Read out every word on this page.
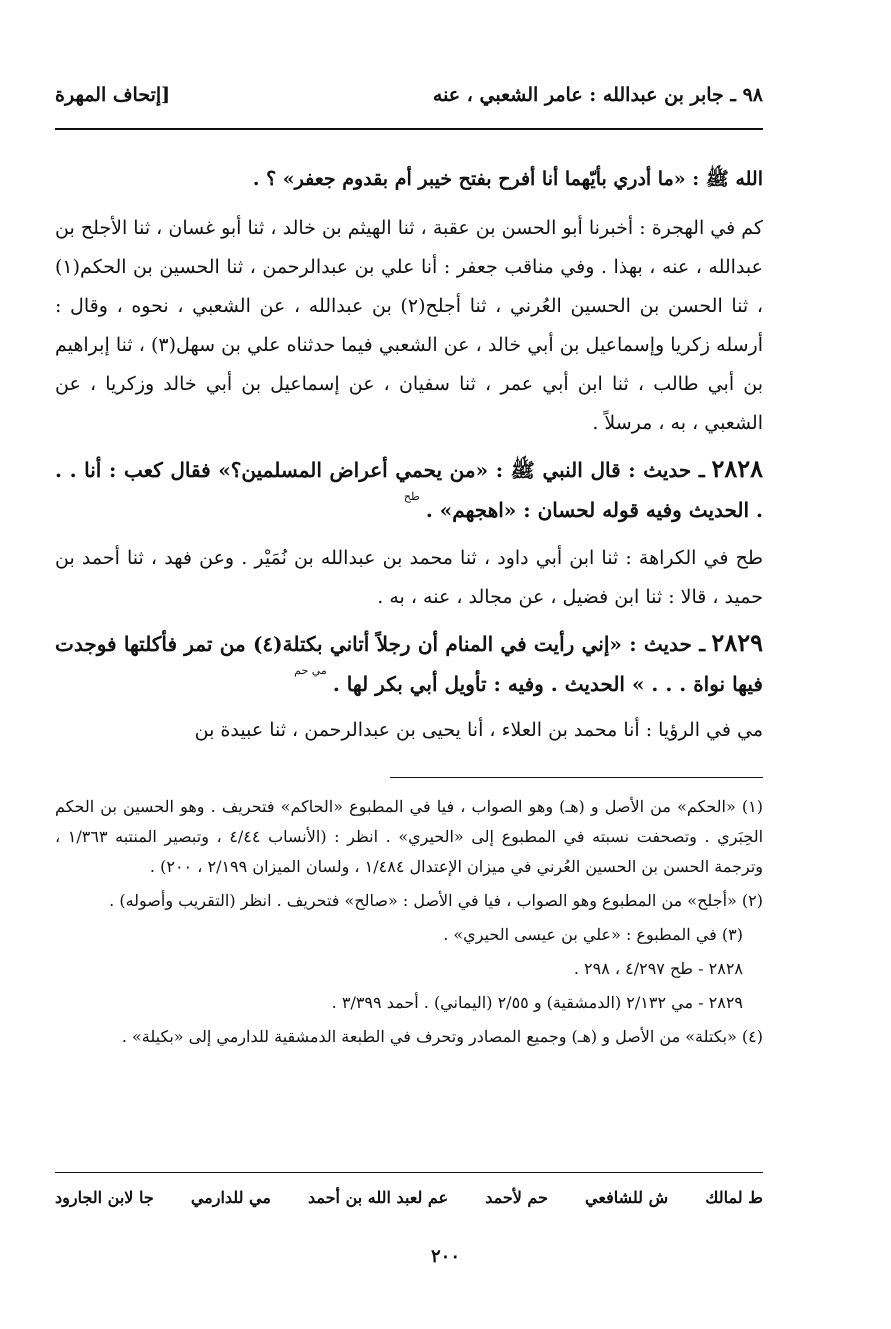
٩٨ ـ جابر بن عبدالله : عامر الشعبي ، عنه
[إتحاف المهرة

الله ﷺ : «ما أدري بأيّهما أنا أفرح بفتح خيبر أم بقدوم جعفر» ؟ .

كم في الهجرة : أخبرنا أبو الحسن بن عقبة ، ثنا الهيثم بن خالد ، ثنا أبو غسان ، ثنا الأجلح بن عبدالله ، عنه ، بهذا . وفي مناقب جعفر : أنا علي بن عبدالرحمن ، ثنا الحسين بن الحكم(١) ، ثنا الحسن بن الحسين العُرني ، ثنا أجلح(٢) بن عبدالله ، عن الشعبي ، نحوه ، وقال : أرسله زكريا وإسماعيل بن أبي خالد ، عن الشعبي فيما حدثناه علي بن سهل(٣) ، ثنا إبراهيم بن أبي طالب ، ثنا ابن أبي عمر ، ثنا سفيان ، عن إسماعيل بن أبي خالد وزكريا ، عن الشعبي ، به ، مرسلاً .

٢٨٢٨ ـ حديث : قال النبي ﷺ : «من يحمي أعراض المسلمين؟» فقال كعب : أنا . . . الحديث وفيه قوله لحسان : «اهجهم» . $^{طح}$

طح في الكراهة : ثنا ابن أبي داود ، ثنا محمد بن عبدالله بن نُمَيْر . وعن فهد ، ثنا أحمد بن حميد ، قالا : ثنا ابن فضيل ، عن مجالد ، عنه ، به .

٢٨٢٩ ـ حديث : «إني رأيت في المنام أن رجلاً أتاني بكتلة(٤) من تمر فأكلتها فوجدت فيها نواة . . . » الحديث . وفيه : تأويل أبي بكر لها . $^{مي حم}$

مي في الرؤيا : أنا محمد بن العلاء ، أنا يحيى بن عبدالرحمن ، ثنا عبيدة بن

(١) «الحكم» من الأصل و (هـ) وهو الصواب ، فيا في المطبوع «الحاكم» فتحريف . وهو الحسين بن الحكم الحِبَري . وتصحفت نسبته في المطبوع إلى «الحيري» . انظر : (الأنساب ٤/٤٤ ، وتبصير المنتبه ١/٣٦٣ ، وترجمة الحسن بن الحسين العُرني في ميزان الإعتدال ١/٤٨٤ ، ولسان الميزان ٢/١٩٩ ، ٢٠٠) .

(٢) «أجلح» من المطبوع وهو الصواب ، فيا في الأصل : «صالح» فتحريف . انظر (التقريب وأصوله) .

(٣) في المطبوع : «علي بن عيسى الحيري» .

٢٨٢٨ - طح ٤/٢٩٧ ، ٢٩٨ .

٢٨٢٩ - مي ٢/١٣٢ (الدمشقية) و ٢/٥٥ (اليماني) . أحمد ٣/٣٩٩ .

(٤) «بكتلة» من الأصل و (هـ) وجميع المصادر وتحرف في الطبعة الدمشقية للدارمي إلى «بكيلة» .

ط لمالك
ش للشافعي
حم لأحمد
عم لعبد الله بن أحمد
مي للدارمي
جا لابن الجارود
٢٠٠
